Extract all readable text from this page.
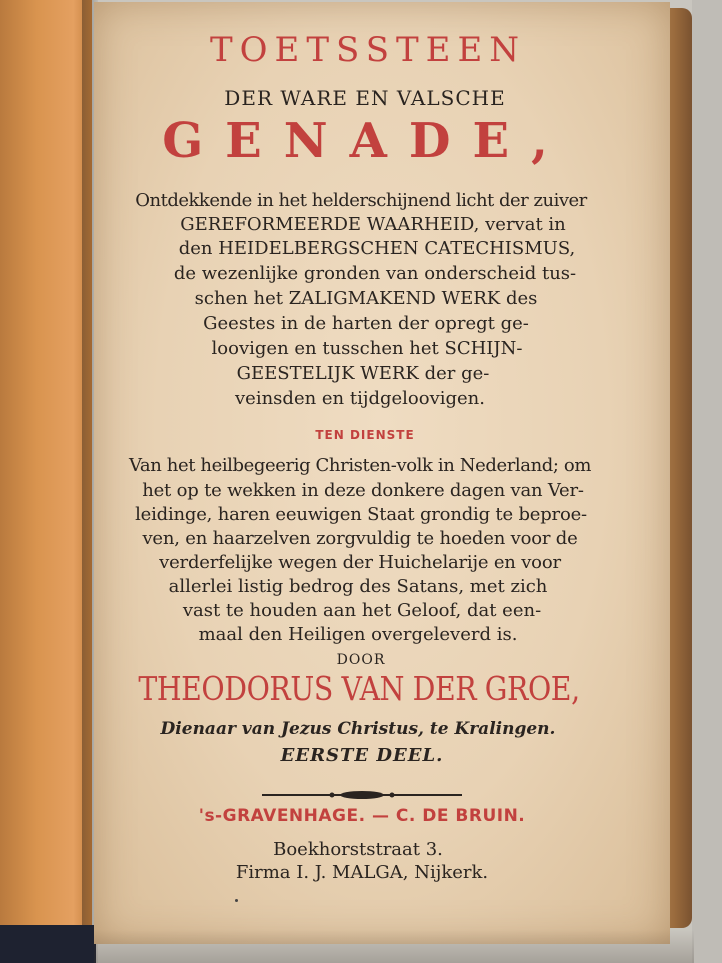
TOETSSTEEN

DER WARE EN VALSCHE

GENADE,

Ontdekkende in het helderschijnend licht der zuiver

GEREFORMEERDE WAARHEID, vervat in

den HEIDELBERGSCHEN CATECHISMUS,

de wezenlijke gronden van onderscheid tus-

schen het ZALIGMAKEND WERK des

Geestes in de harten der opregt ge-

loovigen en tusschen het SCHIJN-

GEESTELIJK WERK der ge-

veinsden en tijdgeloovigen.

TEN DIENSTE

Van het heilbegeerig Christen-volk in Nederland; om

het op te wekken in deze donkere dagen van Ver-

leidinge, haren eeuwigen Staat grondig te beproe-

ven, en haarzelven zorgvuldig te hoeden voor de

verderfelijke wegen der Huichelarije en voor

allerlei listig bedrog des Satans, met zich

vast te houden aan het Geloof, dat een-

maal den Heiligen overgeleverd is.

DOOR

THEODORUS VAN DER GROE,

Dienaar van Jezus Christus, te Kralingen.

EERSTE DEEL.

's-GRAVENHAGE. — C. DE BRUIN.

Boekhorststraat 3.

Firma I. J. MALGA, Nijkerk.
